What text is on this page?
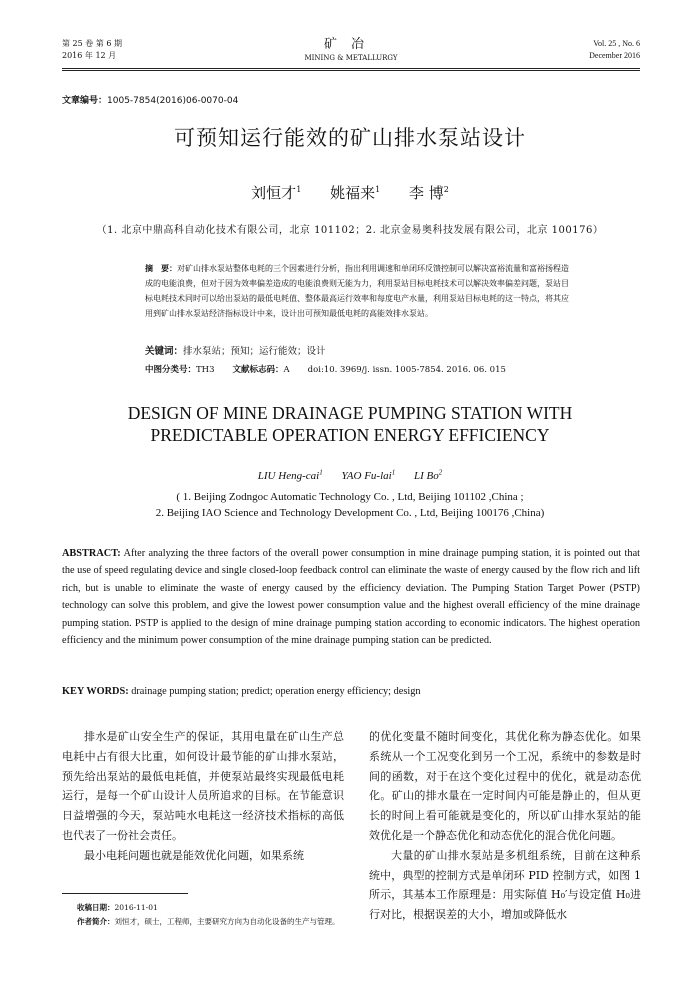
第 25 卷 第 6 期
2016 年 12 月
矿冶
MINING & METALLURGY
Vol. 25 , No. 6
December 2016
文章编号：1005-7854(2016)06-0070-04
可预知运行能效的矿山排水泵站设计
刘恒才$^1$ 姚福来$^1$ 李 博$^2$
（1. 北京中鼎高科自动化技术有限公司，北京 101102；2. 北京金易奥科技发展有限公司，北京 100176）
摘　要：对矿山排水泵站整体电耗的三个因素进行分析，指出利用调速和单闭环反馈控制可以解决富裕流量和富裕扬程造成的电能浪费，但对于因为效率偏差造成的电能浪费则无能为力，利用泵站目标电耗技术可以解决效率偏差问题，泵站目标电耗技术同时可以给出泵站的最低电耗值、整体最高运行效率和每度电产水量，利用泵站目标电耗的这一特点，将其应用到矿山排水泵站经济指标设计中来，设计出可预知最低电耗的高能效排水泵站。
关键词：排水泵站；预知；运行能效；设计
中图分类号：TH3 文献标志码：A doi:10. 3969/j. issn. 1005-7854. 2016. 06. 015
DESIGN OF MINE DRAINAGE PUMPING STATION WITH
PREDICTABLE OPERATION ENERGY EFFICIENCY
LIU Heng-cai$^1$ YAO Fu-lai$^1$ LI Bo$^2$
( 1. Beijing Zodngoc Automatic Technology Co. , Ltd, Beijing 101102 ,China ;
2. Beijing IAO Science and Technology Development Co. , Ltd, Beijing 100176 ,China)
ABSTRACT: After analyzing the three factors of the overall power consumption in mine drainage pumping station, it is pointed out that the use of speed regulating device and single closed-loop feedback control can eliminate the waste of energy caused by the flow rich and lift rich, but is unable to eliminate the waste of energy caused by the efficiency deviation. The Pumping Station Target Power (PSTP) technology can solve this problem, and give the lowest power consumption value and the highest overall efficiency of the mine drainage pumping station. PSTP is applied to the design of mine drainage pumping station according to economic indicators. The highest operation efficiency and the minimum power consumption of the mine drainage pumping station can be predicted.
KEY WORDS: drainage pumping station; predict; operation energy efficiency; design

排水是矿山安全生产的保证，其用电量在矿山生产总电耗中占有很大比重，如何设计最节能的矿山排水泵站，预先给出泵站的最低电耗值，并使泵站最终实现最低电耗运行，是每一个矿山设计人员所追求的目标。在节能意识日益增强的今天，泵站吨水电耗这一经济技术指标的高低也代表了一份社会责任。

最小电耗问题也就是能效优化问题，如果系统

的优化变量不随时间变化，其优化称为静态优化。如果系统从一个工况变化到另一个工况，系统中的参数是时间的函数，对于在这个变化过程中的优化，就是动态优化。矿山的排水量在一定时间内可能是静止的，但从更长的时间上看可能就是变化的，所以矿山排水泵站的能效优化是一个静态优化和动态优化的混合优化问题。

大量的矿山排水泵站是多机组系统，目前在这种系统中，典型的控制方式是单闭环 PID 控制方式，如图 1 所示，其基本工作原理是：用实际值 H₀′与设定值 H₀进行对比，根据误差的大小，增加或降低水

收稿日期：2016-11-01

作者简介：刘恒才，硕士，工程师，主要研究方向为自动化设备的生产与管理。
